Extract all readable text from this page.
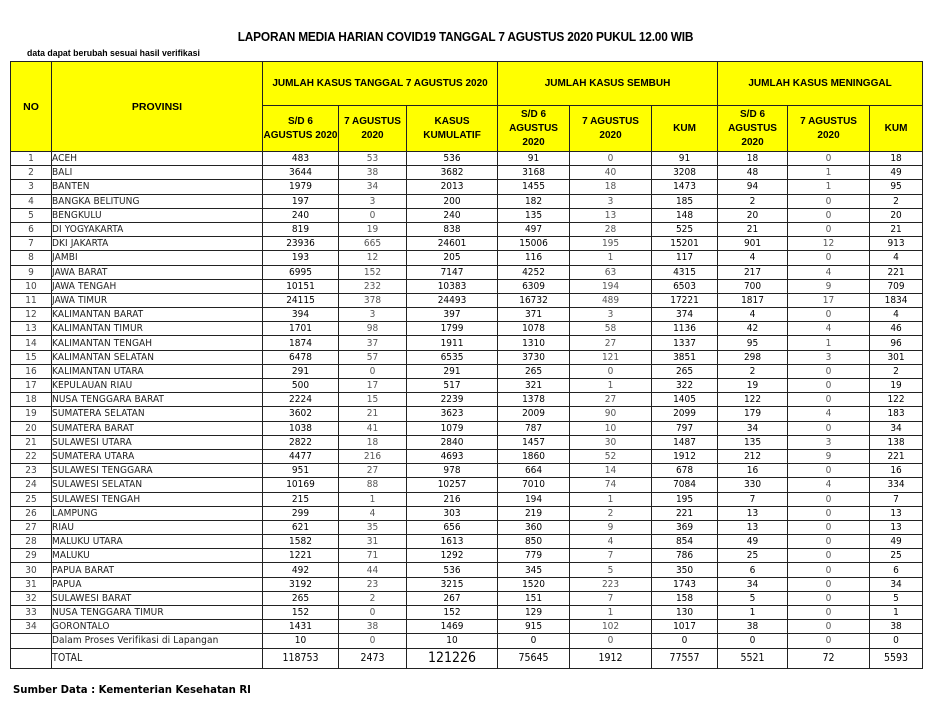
LAPORAN MEDIA HARIAN COVID19 TANGGAL 7 AGUSTUS 2020 PUKUL 12.00 WIB
data dapat berubah sesuai hasil verifikasi
NO	PROVINSI	JUMLAH KASUS TANGGAL 7 AGUSTUS 2020			JUMLAH KASUS SEMBUH			JUMLAH KASUS MENINGGAL		
		S/D 6 AGUSTUS 2020	7 AGUSTUS 2020	KASUS KUMULATIF	S/D 6 AGUSTUS 2020	7 AGUSTUS 2020	KUM	S/D 6 AGUSTUS 2020	7 AGUSTUS 2020	KUM
1	ACEH	483	53	536	91	0	91	18	0	18
2	BALI	3644	38	3682	3168	40	3208	48	1	49
3	BANTEN	1979	34	2013	1455	18	1473	94	1	95
4	BANGKA BELITUNG	197	3	200	182	3	185	2	0	2
5	BENGKULU	240	0	240	135	13	148	20	0	20
6	DI YOGYAKARTA	819	19	838	497	28	525	21	0	21
7	DKI JAKARTA	23936	665	24601	15006	195	15201	901	12	913
8	JAMBI	193	12	205	116	1	117	4	0	4
9	JAWA BARAT	6995	152	7147	4252	63	4315	217	4	221
10	JAWA TENGAH	10151	232	10383	6309	194	6503	700	9	709
11	JAWA TIMUR	24115	378	24493	16732	489	17221	1817	17	1834
12	KALIMANTAN BARAT	394	3	397	371	3	374	4	0	4
13	KALIMANTAN TIMUR	1701	98	1799	1078	58	1136	42	4	46
14	KALIMANTAN TENGAH	1874	37	1911	1310	27	1337	95	1	96
15	KALIMANTAN SELATAN	6478	57	6535	3730	121	3851	298	3	301
16	KALIMANTAN UTARA	291	0	291	265	0	265	2	0	2
17	KEPULAUAN RIAU	500	17	517	321	1	322	19	0	19
18	NUSA TENGGARA BARAT	2224	15	2239	1378	27	1405	122	0	122
19	SUMATERA SELATAN	3602	21	3623	2009	90	2099	179	4	183
20	SUMATERA BARAT	1038	41	1079	787	10	797	34	0	34
21	SULAWESI UTARA	2822	18	2840	1457	30	1487	135	3	138
22	SUMATERA UTARA	4477	216	4693	1860	52	1912	212	9	221
23	SULAWESI TENGGARA	951	27	978	664	14	678	16	0	16
24	SULAWESI SELATAN	10169	88	10257	7010	74	7084	330	4	334
25	SULAWESI TENGAH	215	1	216	194	1	195	7	0	7
26	LAMPUNG	299	4	303	219	2	221	13	0	13
27	RIAU	621	35	656	360	9	369	13	0	13
28	MALUKU UTARA	1582	31	1613	850	4	854	49	0	49
29	MALUKU	1221	71	1292	779	7	786	25	0	25
30	PAPUA BARAT	492	44	536	345	5	350	6	0	6
31	PAPUA	3192	23	3215	1520	223	1743	34	0	34
32	SULAWESI BARAT	265	2	267	151	7	158	5	0	5
33	NUSA TENGGARA TIMUR	152	0	152	129	1	130	1	0	1
34	GORONTALO	1431	38	1469	915	102	1017	38	0	38
	Dalam Proses Verifikasi di Lapangan	10	0	10	0	0	0	0	0	0
	TOTAL	118753	2473	121226	75645	1912	77557	5521	72	5593
Sumber Data : Kementerian Kesehatan RI
